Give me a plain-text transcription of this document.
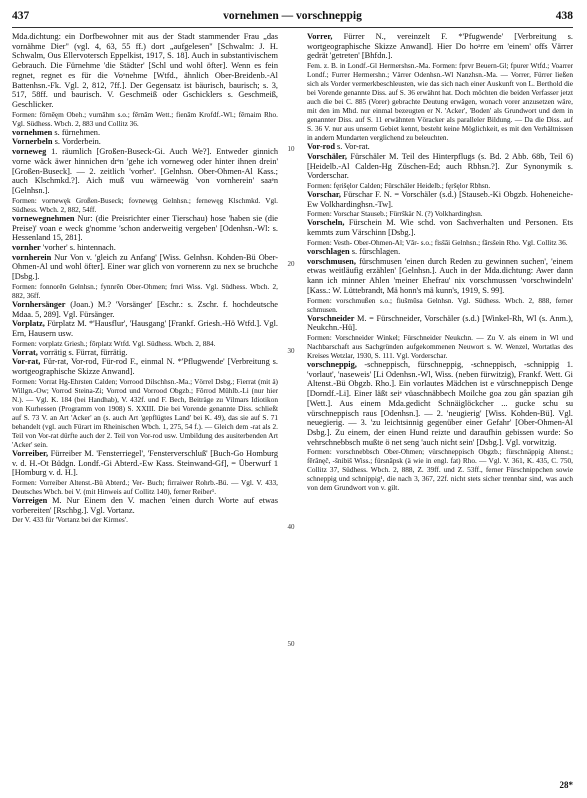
437	vornehmen — vorschneppig	438

Mda.dichtung: ein Dorfbewohner mit aus der Stadt stammender Frau „das vornähme Dier" (vgl. 4, 63, 55 ff.) dort „aufgelesen" [Schwalm: J. H. Schwalm, Ous Ellervotersch Eppelkist, 1917, S. 18]. Auch in substantivischem Gebrauch. Die Fürnehme 'die Städter' [Schl und wohl öfter]. Wenn es fein regnet, regnet es für die Voᵒnehme [Wtfd., ähnlich Ober-Breidenb.-Al Battenhsn.-Fk. Vgl. 2, 812, 7ff.]. Der Gegensatz ist bäurisch, baurisch; s. 3, 517, 58ff. und baurisch. V. Geschmeiß oder Gschicklers s. Geschmeiß, Geschlicker.

Formen: fōrnēęm Obeh.; vurnāhm s.o.; fērnām Wett.; fienām Krofdf.-Wl.; fērnaim Rho. Vgl. Südhess. Wbch. 2, 883 und Collitz 36.

vornehmen s. fürnehmen.

Vornerbeln s. Vorderbein.

vorneweg 1. räumlich [Großen-Buseck-Gi. Auch We?]. Entweder ginnich vorne wäck äwer hinnichen drᵉn 'gehe ich vorneweg oder hinter ihnen drein' [Großen-Buseck]. — 2. zeitlich 'vorher'. [Gelnhsn. Ober-Ohmen-Al Kass.; auch Klschmkd.?]. Aich muß vuu wärneewäg 'von vornherein' saaᵉn [Gelnhsn.].

Formen: vornewęk Großen-Buseck; fovnewęg Gelnhsn.; fernewęg Klschmkd. Vgl. Südhess. Wbch. 2, 882, 54ff.

vornewegnehmen Nur: (die Preisrichter einer Tierschau) hose 'haben sie (die Preise)' voan e weck g'nomme 'schon anderweitig vergeben' [Odenhsn.-Wl: s. Hessenland 15, 281].

vornher 'vorher' s. hintennach.

vornherein Nur Von v. 'gleich zu Anfang' [Wiss. Gelnhsn. Kohden-Bü Ober-Ohmen-Al und wohl öfter]. Einer war glich von vornerenn zu nex se bruchche [Dsbg.].

Formen: fonnorēn Gelnhsn.; fynnrēn Ober-Ohmen; frnri Wiss. Vgl. Südhess. Wbch. 2, 882, 36ff.

Vornhersänger (Joan.) M.? 'Vorsänger' [Eschr.: s. Zschr. f. hochdeutsche Mdaa. 5, 289]. Vgl. Fürsänger.

Vorplatz, Fürplatz M. *'Hausflur', 'Hausgang' [Frankf. Griesh.-Hö Wtfd.]. Vgl. Ern, Hausern usw.

Formen: vorplatz Griesh.; fōrplatz Wtfd. Vgl. Südhess. Wbch. 2, 884.

Vorrat, vorrätig s. Fürrat, fürrätig.

Vor-rat, Für-rat, Vor-rod, Für-rod F., einmal N. *'Pflugwende' [Verbreitung s. wortgeographische Skizze Anwand].

Formen: Vorrat Hg-Ehrsten Calden; Vorrood Dilschhsn.-Ma.; Vörrel Dsbg.; Fierrat (mit ä) Willgn.-Ow; Vorrod Steina-Zi; Vorrod und Vorrood Obgzb.; Fōrrod Mühlb.-Li (nur hier N.). — Vgl. K. 184 (bei Handhab), V. 432f. und F. Bech, Beiträge zu Vilmars Idiotikon von Kurhessen (Programm von 1908) S. XXIII. Die bei Vorende genannte Diss. schließt auf S. 73 V. an Art 'Acker' an (s. auch Art 'gepflügtes Land' bei K. 49), das sie auf S. 71 behandelt (vgl. auch Fürart im Rheinischen Wbch. 1, 275, 54 f.). — Gleich dem -rat als 2. Teil von Vor-rat dürfte auch der 2. Teil von Vor-rod usw. Umbildung des ausiterbenden Art 'Acker' sein.

Vorreiber, Fürreiber M. 'Fensterriegel', 'Fensterverschluß' [Buch-Go Homburg v. d. H.-Ot Büdgn. Londf.-Gi Abterd.-Ew Kass. Steinwand-Gf], = Überwurf 1 [Homburg v. d. H.].

Formen: Vorreiber Altenst.-Bü Abterd.; Ver- Buch; firraiwer Rohrb.-Bü. — Vgl. V. 433, Deutsches Wbch. bei V. (mit Hinweis auf Collitz 140), ferner Reiber¹.

Vorreigen M. Nur Einem den V. machen 'einen durch Worte auf etwas vorbereiten' [Rschbg.]. Vgl. Vortanz.

Der V. 433 für 'Vortanz bei der Kirmes'.

10
20
30
40
50

Vorrer, Fürrer N., vereinzelt F. *'Pfugwende' [Verbreitung s. wortgeographische Skizze Anwand]. Hier Do hoᵃrre em 'einem' offs Värrer gedrät 'getreten' [Bhfdn.].

Fem. z. B. in Londf.-Gl Hermershsn.-Ma. Formen: fprvr Beuern-Gl; fpurer Wtfd.; Voarrer Londf.; Furrer Hermershn.; Värrer Odenhsn.-Wl Nanzhsn.-Ma. — Vorrer, Fürrer ließen sich als Vorder vermerkbeschleusten, wie das sich nach einer Auskunft von L. Berthold die bei Vorende genannte Diss. auf S. 36 erwähnt hat. Doch möchten die beiden Verfasser jetzt auch die bei C. 885 (Vorer) gebrachte Deutung erwägen, wonach vorer anzusetzen wäre, mit den im Mhd. nur einmal bezeugten er N. 'Acker', 'Boden' als Grundwort und dem in genannter Diss. auf S. 11 erwähnten Vöracker als paralleler Bildung. — Da die Diss. auf S. 36 V. nur aus unserm Gebiet kennt, besteht keine Möglichkeit, es mit den Verhältnissen in andern Mundarten verglichend zu beleuchten.

Vor-rod s. Vor-rat.

Vorschäler, Fürschäler M. Teil des Hinterpflugs (s. Bd. 2 Abb. 68b, Teil 6) [Heidelb.-Al Calden-Hg Züschen-Ed; auch Rbhsn.?]. Zur Synonymik s. Vorderschar.

Formen: fęrišęlor Calden; Fürschäler Heidelb.; fęršęlor Rbhsn.

Vorschar, Fürschar F. N. = Vorschäler (s.d.) [Stauseb.-Ki Obgzb. Hoheneiche-Ew Volkhardinghsn.-Tw].

Formen: Vorschar Stauseb.; Fürrškär N. (?) Volkhardinghsn.

Vorscheln, Fürschein M. Wie schd. von Sachverhalten und Personen. Ets kemmts zum Värschinn [Dsbg.].

Formen: Vesth- Ober-Ohmen-Al; Vār- s.o.; fisšāi Gelnhsn.; fārsšein Rho. Vgl. Collitz 36.

vorschlagen s. fürschlagen.

vorschmusen, fürschmusen 'einen durch Reden zu gewinnen suchen', 'einem etwas weitläufig erzählen' [Gelnhsn.]. Auch in der Mda.dichtung: Awer dann kann ich minner Ahlen 'meiner Ehefrau' nix vorschmussen 'vorschwindeln' [Kass.: W. Lüttebrandt, Mä honn's mä kunn's, 1919, S. 99].

Formen: vorschmußen s.o.; fiušmūsa Gelnhsn. Vgl. Südhess. Wbch. 2, 888, ferner schmusen.

Vorschneider M. = Fürschneider, Vorschäler (s.d.) [Winkel-Rh, Wl (s. Anm.), Neukchn.-Hü].

Formen: Vorschneider Winkel; Fürschneider Neukchn. — Zu V. als einem in Wl und Nachbarschaft aus Sachgründen aufgekommenen Neuwort s. W. Wenzel, Wortatlas des Kreises Wetzlar, 1930, S. 111. Vgl. Vorderschar.

vorschneppig, -schneppisch, fürschneppig, -schneppisch, -schnippig 1. 'vorlaut', 'naseweis' [Li Odenhsn.-Wl, Wiss. (neben fürwitzig), Frankf. Wett. Gi Altenst.-Bü Obgzb. Rho.]. Ein vorlautes Mädchen ist e vürschneppisch Denge [Dorndf.-Li]. Einer läßt seiᵉ vüaschnäbbech Moilche goa zou gån spazian gih [Wett.]. Aus einem Mda.gedicht Schnäiglöckcher ... gucke schu su vürschneppisch raus [Odenhsn.]. — 2. 'neugierig' [Wiss. Kohden-Bü]. Vgl. neuegierig. — 3. 'zu leichtsinnig gegenüber einer Gefahr' [Ober-Ohmen-Al Dsbg.]. Zu einem, der einen Hund reizte und daraufhin gebissen wurde: So vehrschnebbsch mußte ö net seng 'auch nicht sein' [Dsbg.]. Vgl. vorwitzig.

Formen: vorschnebbsch Ober-Ohmen; vürschneppisch Obgzb.; fürschnäppig Altenst.; fērānęč, -šnibiš Wiss.; fürsnāpsk (ä wie in engl. fat) Rho. — Vgl. V. 361, K. 435, C. 750, Collitz 37, Südhess. Wbch. 2, 888, Z. 39ff. und Z. 53ff., ferner Fürschnippchen sowie schneppig und schnippig¹, die nach 3, 367, 22f. nicht stets sicher trennbar sind, was auch von dem Grundwort von v. gilt.

28*
